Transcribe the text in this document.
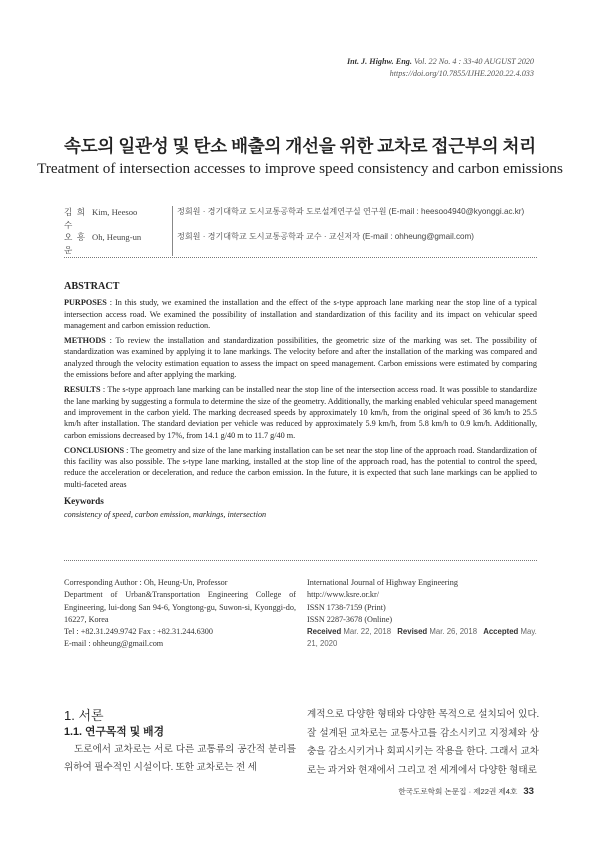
Int. J. Highw. Eng. Vol. 22 No. 4 : 33-40 AUGUST 2020
https://doi.org/10.7855/IJHE.2020.22.4.033
속도의 일관성 및 탄소 배출의 개선을 위한 교차로 접근부의 처리
Treatment of intersection accesses to improve speed consistency and carbon emissions
김 희 수
Kim, Heesoo	정회원 · 경기대학교 도시교통공학과 도로설계연구실 연구원 (E-mail : heesoo4940@kyonggi.ac.kr)
오 흥 운
Oh, Heung-un	정회원 · 경기대학교 도시교통공학과 교수 · 교신저자 (E-mail : ohheung@gmail.com)
ABSTRACT

PURPOSES : In this study, we examined the installation and the effect of the s-type approach lane marking near the stop line of a typical intersection access road. We examined the possibility of installation and standardization of this facility and its impact on vehicular speed management and carbon emission reduction.

METHODS : To review the installation and standardization possibilities, the geometric size of the marking was set. The possibility of standardization was examined by applying it to lane markings. The velocity before and after the installation of the marking was compared and analyzed through the velocity estimation equation to assess the impact on speed management. Carbon emissions were estimated by comparing the emissions before and after applying the marking.

RESULTS : The s-type approach lane marking can be installed near the stop line of the intersection access road. It was possible to standardize the lane marking by suggesting a formula to determine the size of the geometry. Additionally, the marking enabled vehicular speed management and improvement in the carbon yield. The marking decreased speeds by approximately 10 km/h, from the original speed of 36 km/h to 25.5 km/h after installation. The standard deviation per vehicle was reduced by approximately 5.9 km/h, from 5.8 km/h to 0.9 km/h. Additionally, carbon emissions decreased by 17%, from 14.1 g/40 m to 11.7 g/40 m.

CONCLUSIONS : The geometry and size of the lane marking installation can be set near the stop line of the approach road. Standardization of this facility was also possible. The s-type lane marking, installed at the stop line of the approach road, has the potential to control the speed, reduce the acceleration or deceleration, and reduce the carbon emission. In the future, it is expected that such lane markings can be applied to multi-faceted areas

Keywords

consistency of speed, carbon emission, markings, intersection

Corresponding Author : Oh, Heung-Un, Professor
Department of Urban&Transportation Engineering College of Engineering, lui-dong San 94-6, Yongtong-gu, Suwon-si, Kyonggi-do, 16227, Korea
Tel : +82.31.249.9742 Fax : +82.31.244.6300
E-mail : ohheung@gmail.com
International Journal of Highway Engineering
http://www.ksre.or.kr/
ISSN 1738-7159 (Print)
ISSN 2287-3678 (Online)
Received Mar. 22, 2018 Revised Mar. 26, 2018 Accepted May. 21, 2020
1. 서론
1.1. 연구목적 및 배경
도로에서 교차로는 서로 다른 교통류의 공간적 분리를 위하여 필수적인 시설이다. 또한 교차로는 전 세
계적으로 다양한 형태와 다양한 목적으로 설치되어 있다. 잘 설계된 교차로는 교통사고를 감소시키고 지정체와 상충을 감소시키거나 회피시키는 작용을 한다. 그래서 교차로는 과거와 현재에서 그리고 전 세계에서 다양한 형태로
한국도로학회 논문집 · 제22권 제4호 33
